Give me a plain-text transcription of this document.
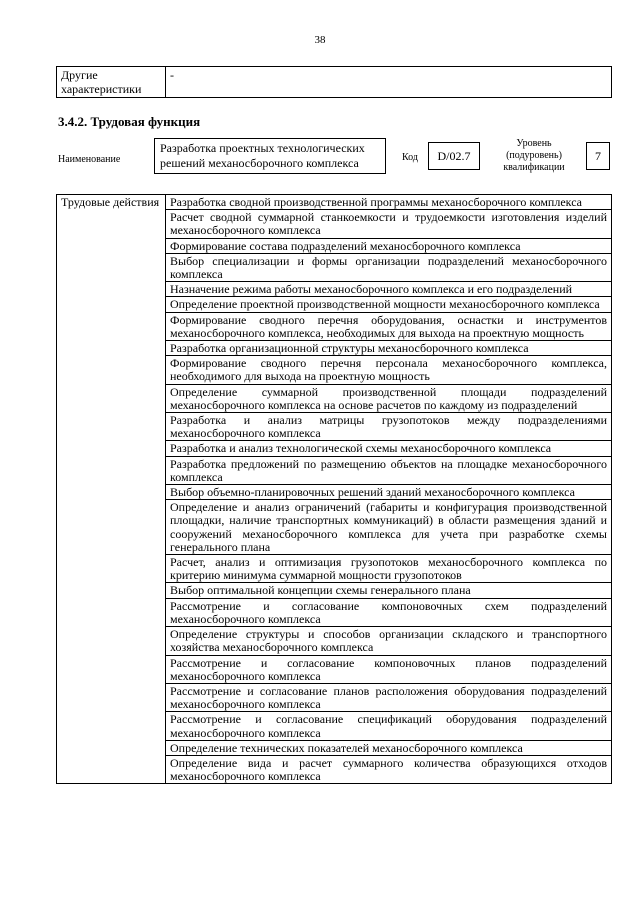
38
Другие характеристики	-
3.4.2. Трудовая функция
Наименование
Разработка проектных технологических решений механосборочного комплекса	Код	D/02.7
Уровень (подуровень) квалификации
7
Трудовые действия	Разработка сводной производственной программы механосборочного комплекса
Расчет сводной суммарной станкоемкости и трудоемкости изготовления изделий механосборочного комплекса
Формирование состава подразделений механосборочного комплекса
Выбор специализации и формы организации подразделений механосборочного комплекса
Назначение режима работы механосборочного комплекса и его подразделений
Определение проектной производственной мощности механосборочного комплекса
Формирование сводного перечня оборудования, оснастки и инструментов механосборочного комплекса, необходимых для выхода на проектную мощность
Разработка организационной структуры механосборочного комплекса
Формирование сводного перечня персонала механосборочного комплекса, необходимого для выхода на проектную мощность
Определение суммарной производственной площади подразделений механосборочного комплекса на основе расчетов по каждому из подразделений
Разработка и анализ матрицы грузопотоков между подразделениями механосборочного комплекса
Разработка и анализ технологической схемы механосборочного комплекса
Разработка предложений по размещению объектов на площадке механосборочного комплекса
Выбор объемно-планировочных решений зданий механосборочного комплекса
Определение и анализ ограничений (габариты и конфигурация производственной площадки, наличие транспортных коммуникаций) в области размещения зданий и сооружений механосборочного комплекса для учета при разработке схемы генерального плана
Расчет, анализ и оптимизация грузопотоков механосборочного комплекса по критерию минимума суммарной мощности грузопотоков
Выбор оптимальной концепции схемы генерального плана
Рассмотрение и согласование компоновочных схем подразделений механосборочного комплекса
Определение структуры и способов организации складского и транспортного хозяйства механосборочного комплекса
Рассмотрение и согласование компоновочных планов подразделений механосборочного комплекса
Рассмотрение и согласование планов расположения оборудования подразделений механосборочного комплекса
Рассмотрение и согласование спецификаций оборудования подразделений механосборочного комплекса
Определение технических показателей механосборочного комплекса
Определение вида и расчет суммарного количества образующихся отходов механосборочного комплекса
